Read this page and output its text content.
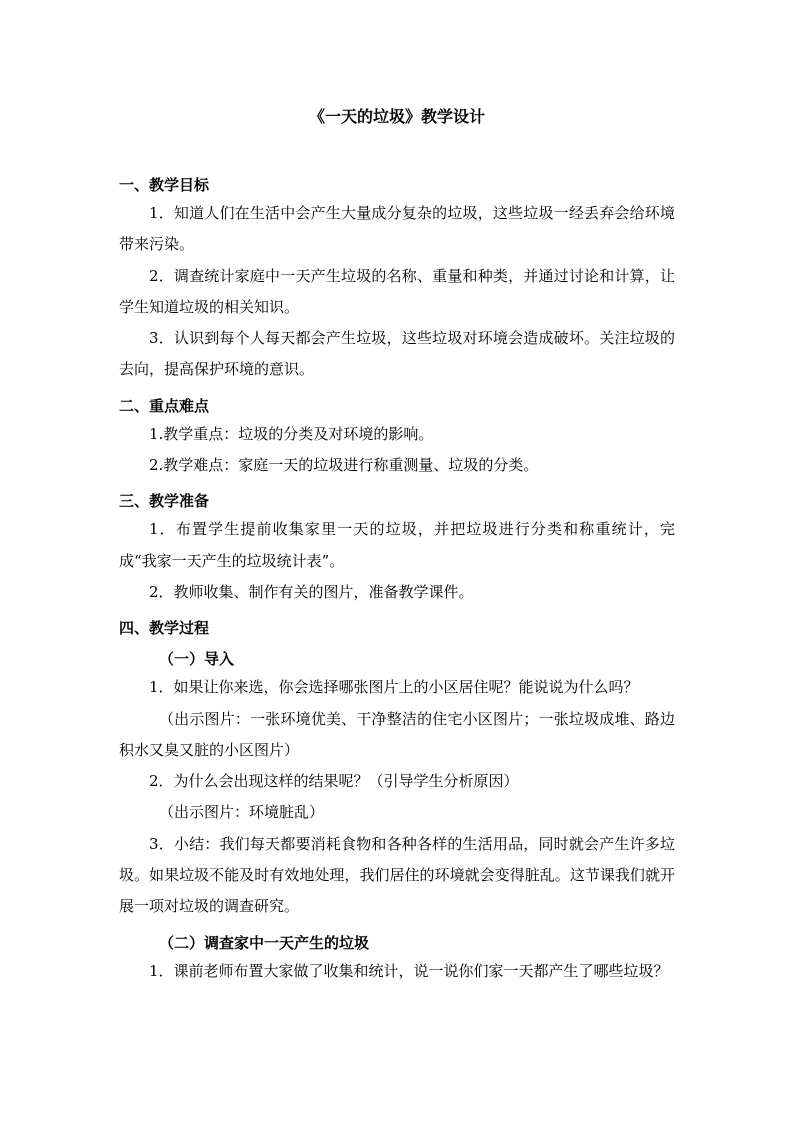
《一天的垃圾》教学设计
一、教学目标
1．知道人们在生活中会产生大量成分复杂的垃圾，这些垃圾一经丢弃会给环境带来污染。
2．调查统计家庭中一天产生垃圾的名称、重量和种类，并通过讨论和计算，让学生知道垃圾的相关知识。
3．认识到每个人每天都会产生垃圾，这些垃圾对环境会造成破坏。关注垃圾的去向，提高保护环境的意识。
二、重点难点
1.教学重点：垃圾的分类及对环境的影响。
2.教学难点：家庭一天的垃圾进行称重测量、垃圾的分类。
三、教学准备
1．布置学生提前收集家里一天的垃圾，并把垃圾进行分类和称重统计，完成“我家一天产生的垃圾统计表”。
2．教师收集、制作有关的图片，准备教学课件。
四、教学过程
（一）导入
1．如果让你来选，你会选择哪张图片上的小区居住呢？能说说为什么吗？
（出示图片：一张环境优美、干净整洁的住宅小区图片；一张垃圾成堆、路边积水又臭又脏的小区图片）
2．为什么会出现这样的结果呢？（引导学生分析原因）
（出示图片：环境脏乱）
3．小结：我们每天都要消耗食物和各种各样的生活用品，同时就会产生许多垃圾。如果垃圾不能及时有效地处理，我们居住的环境就会变得脏乱。这节课我们就开展一项对垃圾的调查研究。
（二）调查家中一天产生的垃圾
1．课前老师布置大家做了收集和统计，说一说你们家一天都产生了哪些垃圾？
